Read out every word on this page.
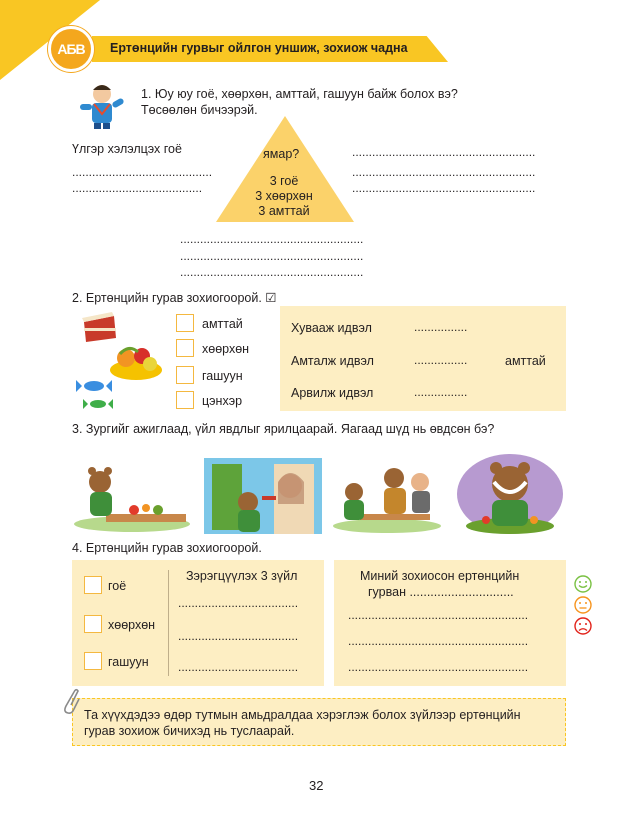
АБВ	Ертөнцийн гурвыг ойлгон уншиж, зохиож чадна
1. Юу юу гоё, хөөрхөн, амттай, гашуун байж болох вэ?
Төсөөлөн бичээрэй.
Үлгэр хэлэлцэх гоё
..........................................
.......................................
ямар?
3 гоё
3 хөөрхөн
3 амттай
.......................................................
.......................................................
.......................................................
.......................................................
.......................................................
.......................................................
2. Ертөнцийн гурав зохиогоорой. ☑
амттай
хөөрхөн
гашуун
цэнхэр
Хувааж идвэл	................
Амталж идвэл	................	амттай
Арвилж идвэл	................
3. Зургийг ажиглаад, үйл явдлыг ярилцаарай. Яагаад шүд нь өвдсөн бэ?
4. Ертөнцийн гурав зохиогоорой.
гоё
хөөрхөн
гашуун
Зэрэгцүүлэх 3 зүйл
....................................
....................................
....................................
Миний зохиосон ертөнцийн
гурван ..............................
......................................................
......................................................
......................................................
Та хүүхдэдээ өдөр тутмын амьдралдаа хэрэглэж болох зүйлээр ертөнцийн
гурав зохиож бичихэд нь туслаарай.
32
